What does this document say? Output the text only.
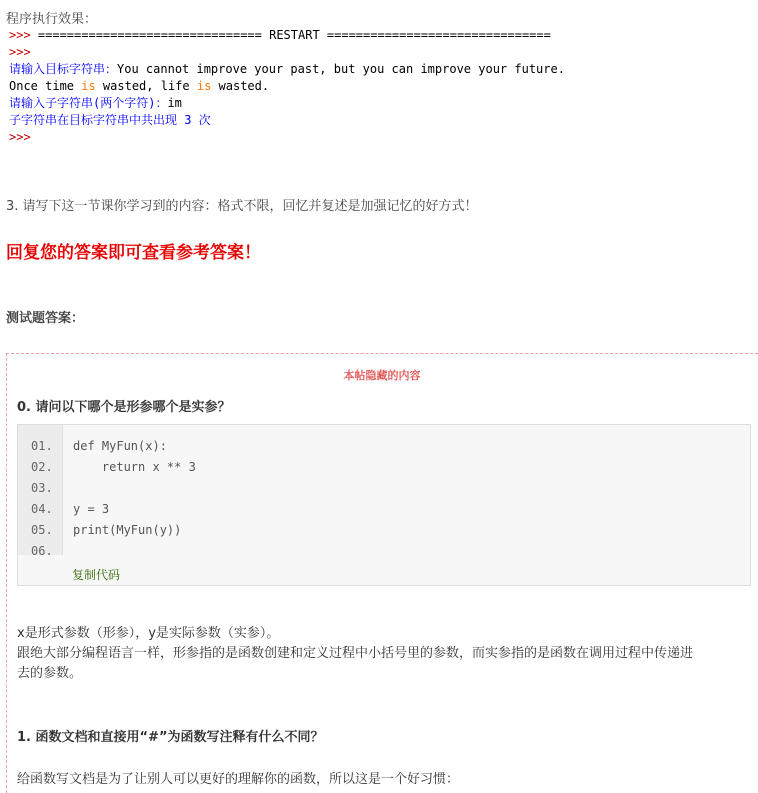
程序执行效果：
>>> =============================== RESTART ===============================
>>>
请输入目标字符串：You cannot improve your past, but you can improve your future.
Once time is wasted, life is wasted.
请输入子字符串(两个字符)：im
子字符串在目标字符串中共出现 3 次
>>>
3. 请写下这一节课你学习到的内容：格式不限，回忆并复述是加强记忆的好方式！
回复您的答案即可查看参考答案！
测试题答案：
本帖隐藏的内容
0. 请问以下哪个是形参哪个是实参？
01.
02.
03.
04.
05.
06.
def MyFun(x):
return x ** 3
y = 3
print(MyFun(y))
复制代码
x是形式参数（形参），y是实际参数（实参）。
跟绝大部分编程语言一样，形参指的是函数创建和定义过程中小括号里的参数，而实参指的是函数在调用过程中传递进
去的参数。
1. 函数文档和直接用“#”为函数写注释有什么不同？
给函数写文档是为了让别人可以更好的理解你的函数，所以这是一个好习惯：
